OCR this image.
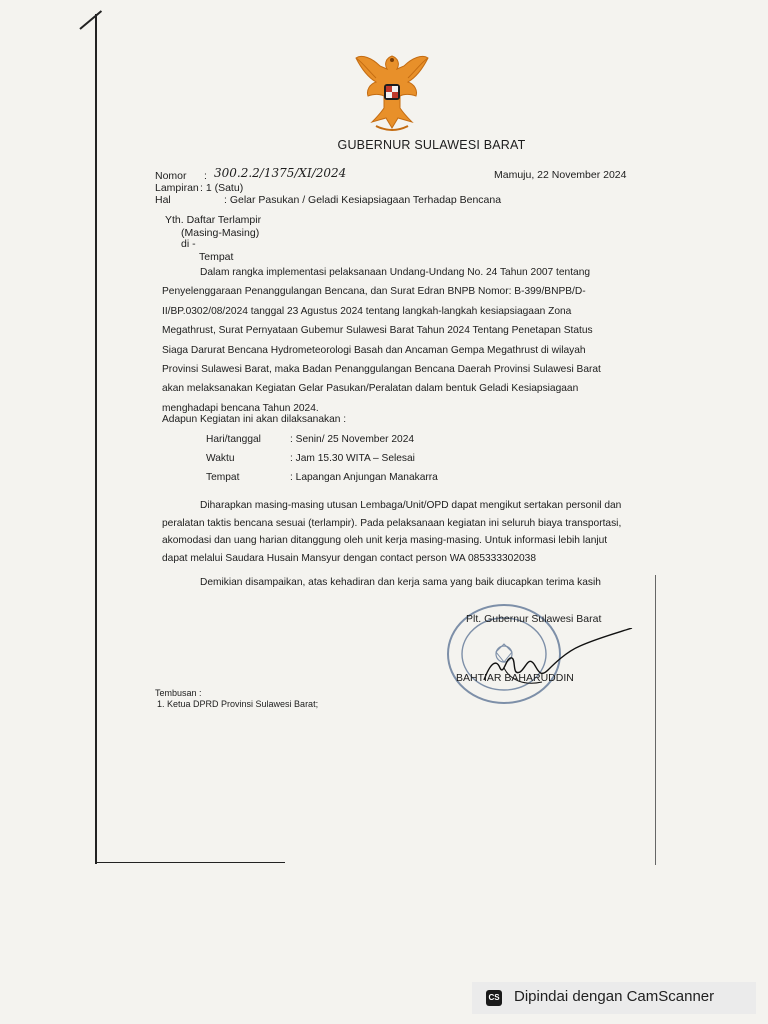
GUBERNUR SULAWESI BARAT
Nomor : 300.2.2/1375/XI/2024	Mamuju, 22 November 2024
Lampiran : 1 (Satu)
Hal	: Gelar Pasukan / Geladi Kesiapsiagaan Terhadap Bencana
Yth. Daftar Terlampir
(Masing-Masing)
di -
Tempat
Dalam rangka implementasi pelaksanaan Undang-Undang No. 24 Tahun 2007 tentang
Penyelenggaraan Penanggulangan Bencana, dan Surat Edran BNPB Nomor: B-399/BNPB/D-
II/BP.0302/08/2024 tanggal 23 Agustus 2024 tentang langkah-langkah kesiapsiagaan Zona
Megathrust, Surat Pernyataan Gubemur Sulawesi Barat Tahun 2024 Tentang Penetapan Status
Siaga Darurat Bencana Hydrometeorologi Basah dan Ancaman Gempa Megathrust di wilayah
Provinsi Sulawesi Barat, maka Badan Penanggulangan Bencana Daerah Provinsi Sulawesi Barat
akan melaksanakan Kegiatan Gelar Pasukan/Peralatan dalam bentuk Geladi Kesiapsiagaan
menghadapi bencana Tahun 2024.
Adapun Kegiatan ini akan dilaksanakan :
Hari/tanggal	: Senin/ 25 November 2024
Waktu	: Jam 15.30 WITA – Selesai
Tempat	: Lapangan Anjungan Manakarra
Diharapkan masing-masing utusan Lembaga/Unit/OPD dapat mengikut sertakan personil dan
peralatan taktis bencana sesuai (terlampir). Pada pelaksanaan kegiatan ini seluruh biaya transportasi,
akomodasi dan uang harian ditanggung oleh unit kerja masing-masing. Untuk informasi lebih lanjut
dapat melalui Saudara Husain Mansyur dengan contact person WA 085333302038
Demikian disampaikan, atas kehadiran dan kerja sama yang baik diucapkan terima kasih
Plt. Gubernur Sulawesi Barat
BAHTIAR BAHARUDDIN
Tembusan :
1. Ketua DPRD Provinsi Sulawesi Barat;
CS Dipindai dengan CamScanner
